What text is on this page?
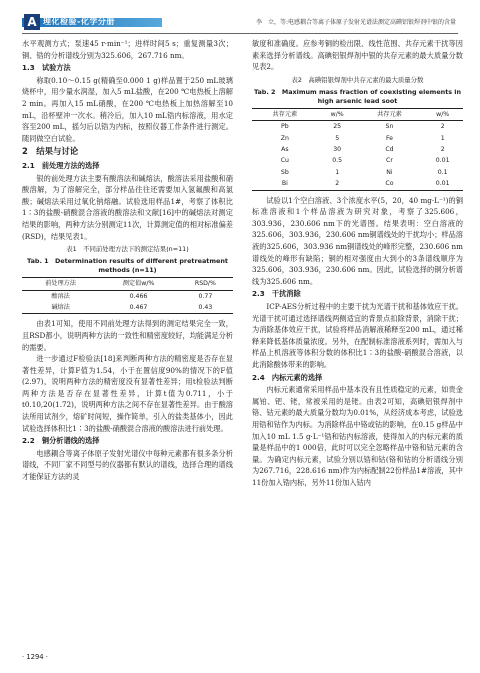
A 理化检验-化学分册	李　立，等:电感耦合等离子体原子发射光谱法测定高碘铝银焊剂中银的含量

水平观测方式；泵速45 r·min⁻¹；进样时间5 s；重复测量3次；铜、锆的分析谱线分别为325.606，267.716 nm。

1.3　试验方法

称取0.10～0.15 g(精确至0.000 1 g)样品置于250 mL玻璃烧杯中，用少量水润湿，加入5 mL盐酸，在200 ℃电热板上溶解2 min。再加入15 mL硝酸，在200 ℃电热板上加热溶解至10 mL，沿杯壁冲一次水。稍冷后，加入10 mL锆内标溶液，用水定容至200 mL，摇匀后以锆为内标，按照仪器工作条件进行测定。随同做空白试验。

2　结果与讨论
2.1　前处理方法的选择

银的前处理方法主要有酸溶法和碱熔法，酸溶法采用盐酸和硝酸溶解，为了溶解完全，部分样品往往还需要加入氢氟酸和高氯酸；碱熔法采用过氧化钠熔融。试验选用样品1#，考察了体积比1∶3的盐酸-硝酸混合溶液的酸溶法和文献[16]中的碱熔法对测定结果的影响，两种方法分别测定11次，计算测定值的相对标准偏差(RSD)，结果见表1。

表1　不同前处理方法下的测定结果(n=11)
Tab. 1　Determination results of different pretreatment methods (n=11)
前处理方法	测定值w/%	RSD/%
酸溶法	0.466	0.77
碱熔法	0.467	0.43

由表1可知，使用不同前处理方法得到的测定结果完全一致，且RSD都小，说明两种方法的一致性和精密度较好，均能满足分析的需要。

进一步通过F检验法[18]来判断两种方法的精密度是否存在显著性差异，计算F值为1.54，小于在置信度90%的情况下的F值(2.97)，说明两种方法的精密度没有显著性差异；用t检验法判断两种方法是否存在显著性差异，计算t值为0.711，小于t0.10,20(1.72)，说明两种方法之间不存在显著性差异。由于酸溶法所用试剂少，熔矿时间短，操作简单，引入的盐类基体小，因此试验选择体积比1∶3的盐酸-硝酸混合溶液的酸溶法进行前处理。

2.2　铜分析谱线的选择

电感耦合等离子体原子发射光谱仪中每种元素都有很多条分析谱线，不同厂家不同型号的仪器都有默认的谱线，选择合理的谱线才能保证方法的灵

敏度和准确度。应参考铜的检出限、线性范围、共存元素干扰等因素来选择分析谱线。高碘铝银焊剂中银的共存元素的最大质量分数见表2。

表2　高碘铝银焊剂中共存元素的最大质量分数
Tab. 2　Maximum mass fraction of coexisting elements in high arsenic lead soot
共存元素	w/%	共存元素	w/%
Pb	25	Sn	2
Zn	5	Fe	1
As	30	Cd	2
Cu	0.5	Cr	0.01
Sb	1	Ni	0.1
Bi	2	Co	0.01

试验以1个空白溶液、3个浓度水平(5，20，40 mg·L⁻¹)的铜标准溶液和1个样品溶液为研究对象，考察了325.606，303.936，230.606 nm下的光谱图。结果表明：空白溶液的325.606，303.936，230.606 nm铜谱线处的干扰均小；样品溶液的325.606，303.936 nm铜谱线处的峰形完整，230.606 nm谱线处的峰形有缺陷；铜的相对强度由大到小的3条谱线顺序为325.606，303.936，230.606 nm。因此，试验选择的铜分析谱线为325.606 nm。

2.3　干扰消除

ICP-AES分析过程中的主要干扰为光谱干扰和基体效应干扰。光谱干扰可通过选择谱线两侧适宜的背景点扣除背景，消除干扰；为消除基体效应干扰，试验将样品消解液稀释至200 mL，通过稀释来降低基体质量浓度。另外，在配制标准溶液系列时，需加入与样品上机溶液等体积分数的体积比1∶3的盐酸-硝酸混合溶液，以此消除酸体带来的影响。

2.4　内标元素的选择

内标元素通常采用样品中基本没有且性质稳定的元素，如贵金属铂、钯、铑，常被采用的是铑。由表2可知，高碘铝银焊剂中铬、钴元素的最大质量分数均为0.01%，从经济成本考虑，试验选用锆和钴作为内标。为消除样品中铬或钴的影响，在0.15 g样品中加入10 mL 1.5 g·L⁻¹锆和钴内标溶液，使得加入的内标元素的质量是样品中的1 000倍，此时可以完全忽略样品中铬和钴元素的含量。为确定内标元素，试验分别以锆和钴(铬和钴的分析谱线分别为267.716，228.616 nm)作为内标配制22份样品1#溶液，其中11份加入锆内标，另外11份加入钴内

· 1294 ·
